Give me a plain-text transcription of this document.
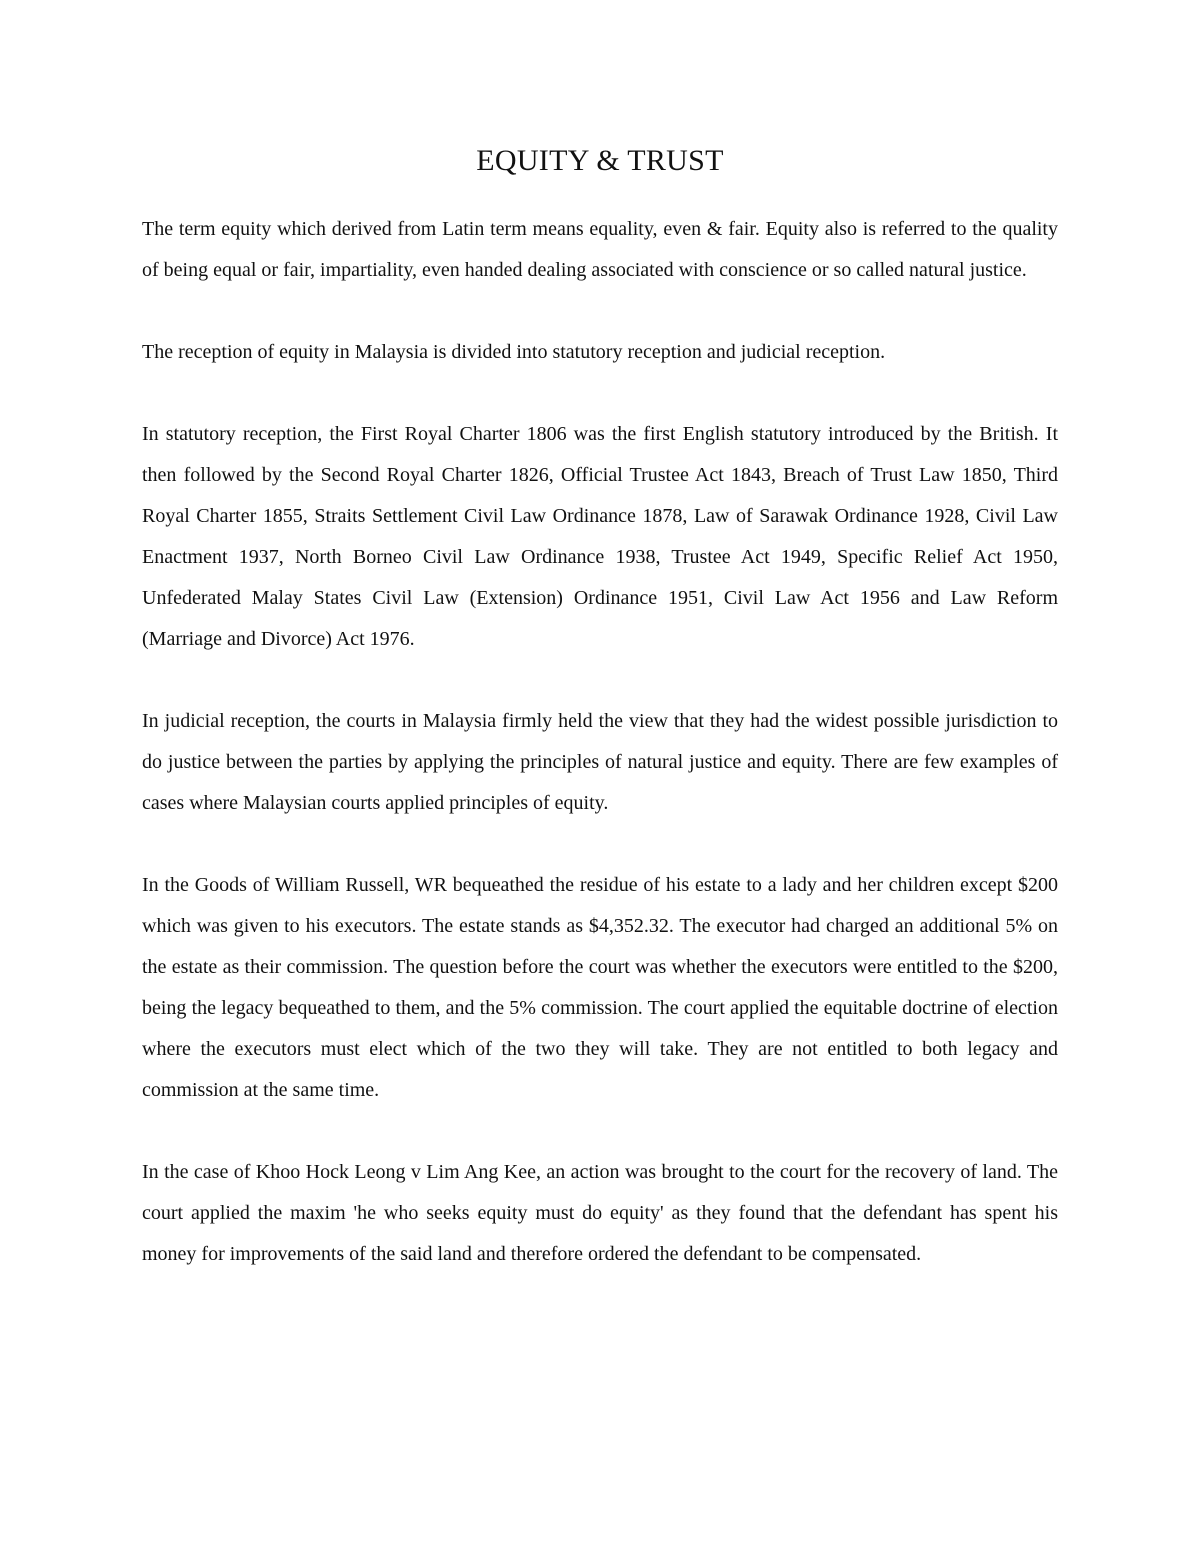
EQUITY & TRUST

The term equity which derived from Latin term means equality, even & fair. Equity also is referred to the quality of being equal or fair, impartiality, even handed dealing associated with conscience or so called natural justice.

The reception of equity in Malaysia is divided into statutory reception and judicial reception.

In statutory reception, the First Royal Charter 1806 was the first English statutory introduced by the British. It then followed by the Second Royal Charter 1826, Official Trustee Act 1843, Breach of Trust Law 1850, Third Royal Charter 1855, Straits Settlement Civil Law Ordinance 1878, Law of Sarawak Ordinance 1928, Civil Law Enactment 1937, North Borneo Civil Law Ordinance 1938, Trustee Act 1949, Specific Relief Act 1950, Unfederated Malay States Civil Law (Extension) Ordinance 1951, Civil Law Act 1956 and Law Reform (Marriage and Divorce) Act 1976.

In judicial reception, the courts in Malaysia firmly held the view that they had the widest possible jurisdiction to do justice between the parties by applying the principles of natural justice and equity. There are few examples of cases where Malaysian courts applied principles of equity.

In the Goods of William Russell, WR bequeathed the residue of his estate to a lady and her children except $200 which was given to his executors. The estate stands as $4,352.32. The executor had charged an additional 5% on the estate as their commission. The question before the court was whether the executors were entitled to the $200, being the legacy bequeathed to them, and the 5% commission. The court applied the equitable doctrine of election where the executors must elect which of the two they will take. They are not entitled to both legacy and commission at the same time.

In the case of Khoo Hock Leong v Lim Ang Kee, an action was brought to the court for the recovery of land. The court applied the maxim 'he who seeks equity must do equity' as they found that the defendant has spent his money for improvements of the said land and therefore ordered the defendant to be compensated.
